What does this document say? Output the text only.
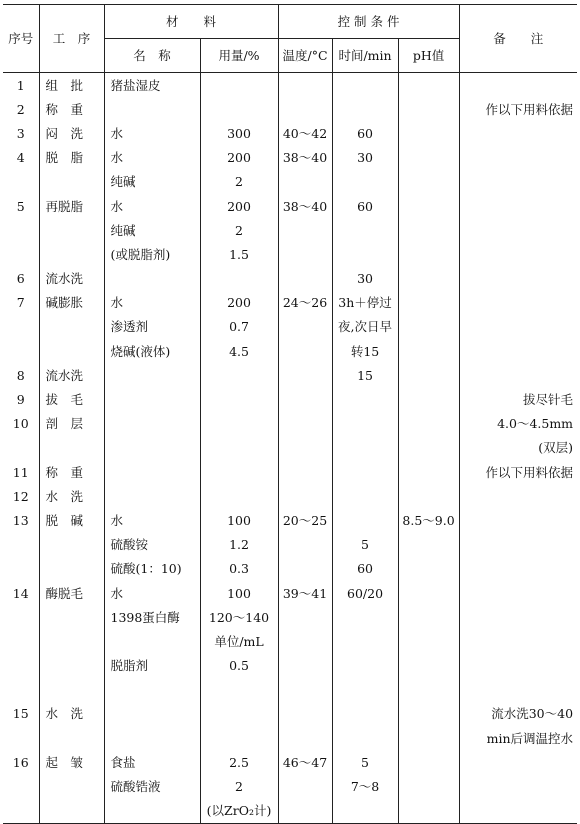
序号	工　序	材　　料		控 制 条 件			备　　注
		名　称	用量/%	温度/°C	时间/min	pH值	
1	组　批	猪盐湿皮					
2	称　重						作以下用料依据
3	闷　洗	水	300	40～42	60		
4	脱　脂	水	200	38～40	30		
		纯碱	2				
5	再脱脂	水	200	38～40	60		
		纯碱	2				
		(或脱脂剂)	1.5				
6	流水洗				30		
7	碱膨胀	水	200	24～26	3h＋停过		
		渗透剂	0.7		夜,次日早		
		烧碱(液体)	4.5		转15		
8	流水洗				15		
9	拔　毛						拔尽针毛
10	剖　层						4.0～4.5mm
							(双层)
11	称　重						作以下用料依据
12	水　洗						
13	脱　碱	水	100	20～25		8.5～9.0	
		硫酸铵	1.2		5		
		硫酸(1：10)	0.3		60		
14	酶脱毛	水	100	39～41	60/20		
		1398蛋白酶	120～140				
			单位/mL				
		脱脂剂	0.5				

15	水　洗						流水洗30～40
							min后调温控水
16	起　皱	食盐	2.5	46～47	5		
		硫酸锆液	2		7～8		
			(以ZrO₂计)				
